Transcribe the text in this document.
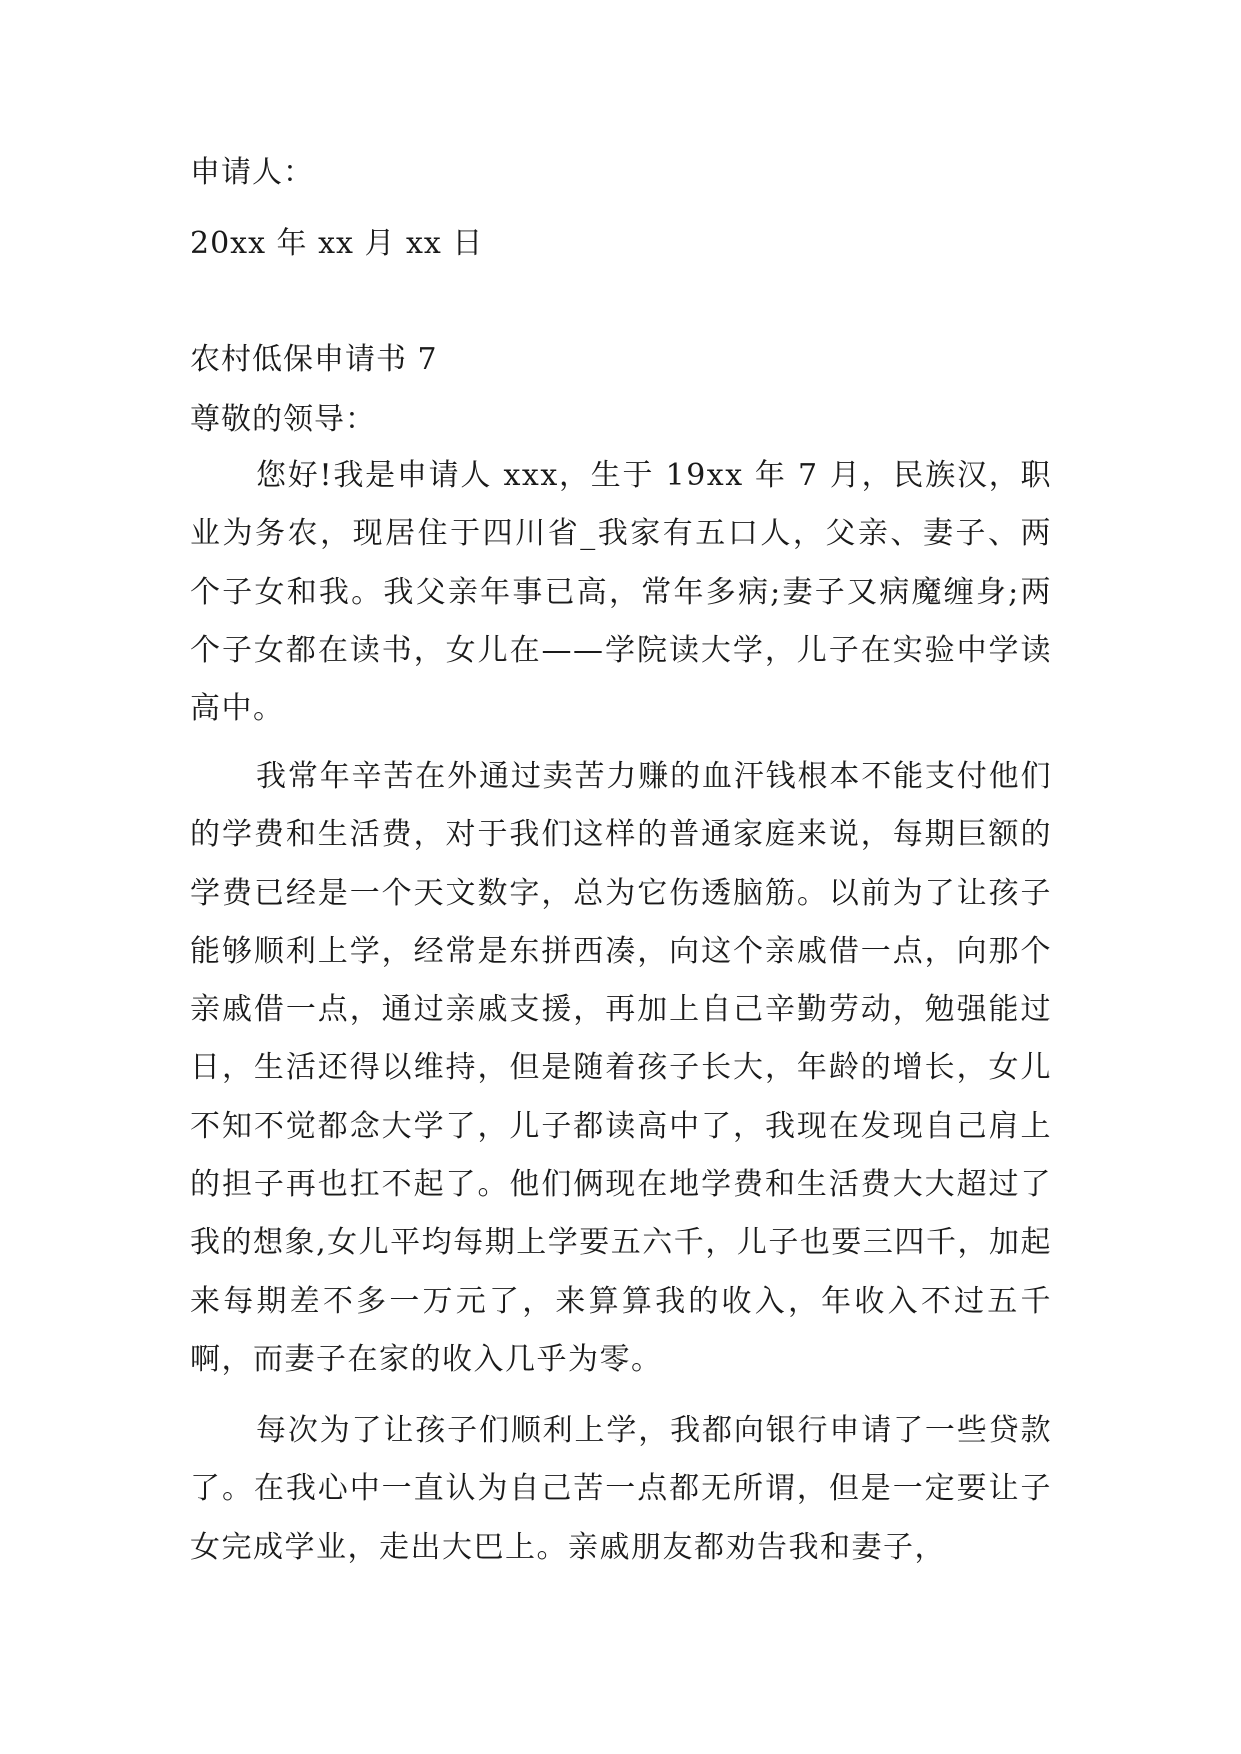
申请人：
20xx 年 xx 月 xx 日
农村低保申请书 7
尊敬的领导：

您好!我是申请人 xxx，生于 19xx 年 7 月，民族汉，职业为务农，现居住于四川省_我家有五口人，父亲、妻子、两个子女和我。我父亲年事已高，常年多病;妻子又病魔缠身;两个子女都在读书，女儿在——学院读大学，儿子在实验中学读高中。

我常年辛苦在外通过卖苦力赚的血汗钱根本不能支付他们的学费和生活费，对于我们这样的普通家庭来说，每期巨额的学费已经是一个天文数字，总为它伤透脑筋。以前为了让孩子能够顺利上学，经常是东拼西凑，向这个亲戚借一点，向那个亲戚借一点，通过亲戚支援，再加上自己辛勤劳动，勉强能过日，生活还得以维持，但是随着孩子长大，年龄的增长，女儿不知不觉都念大学了，儿子都读高中了，我现在发现自己肩上的担子再也扛不起了。他们俩现在地学费和生活费大大超过了我的想象,女儿平均每期上学要五六千，儿子也要三四千，加起来每期差不多一万元了，来算算我的收入，年收入不过五千啊，而妻子在家的收入几乎为零。

每次为了让孩子们顺利上学，我都向银行申请了一些贷款了。在我心中一直认为自己苦一点都无所谓，但是一定要让子女完成学业，走出大巴上。亲戚朋友都劝告我和妻子，
